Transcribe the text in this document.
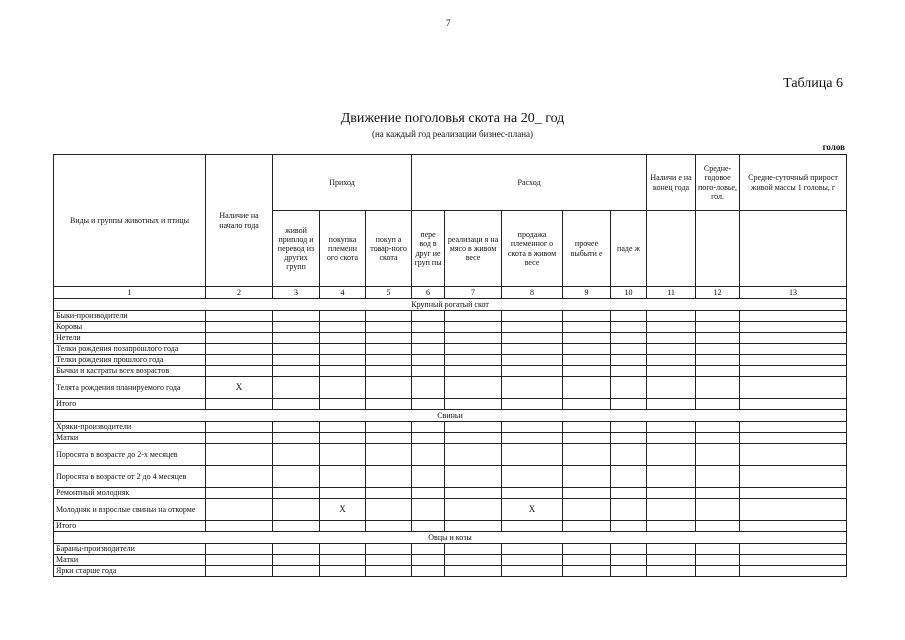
7
Таблица 6
Движение поголовья скота на 20_ год
(на каждый год реализации бизнес-плана)
голов
Виды и группы животных и птицы	Наличие на начало года	Приход			Расход					Наличи е на конец года	Средне-годовое пого-ловье, гол.	Средне-суточный прирост живой массы 1 головы, г
		живой приплод и перевод из других групп	покупка племенн ого скота	покуп а товар-ного скота	пере вод в друг ие груп пы	реализаци я на мясо в живом весе	продажа племенног о скота в живом весе	прочее выбыти е	паде ж			
1	2	3	4	5	6	7	8	9	10	11	12	13
Крупный рогатый скот												
Быки-производители												
Коровы												
Нетели												
Телки рождения позапрошлого года												
Телки рождения прошлого года												
Бычки и кастраты всех возрастов												
Телята рождения планируемого года	Х											
Итого												
Свиньи												
Хряки-производители												
Матки												
Поросята в возрасте до 2-х месяцев												
Поросята в возрасте от 2 до 4 месяцев												
Ремонтный молодняк												
Молодняк и взрослые свиньи на откорме			Х				Х					
Итого												
Овцы и козы												
Бараны-производители												
Матки												
Ярки старше года												
